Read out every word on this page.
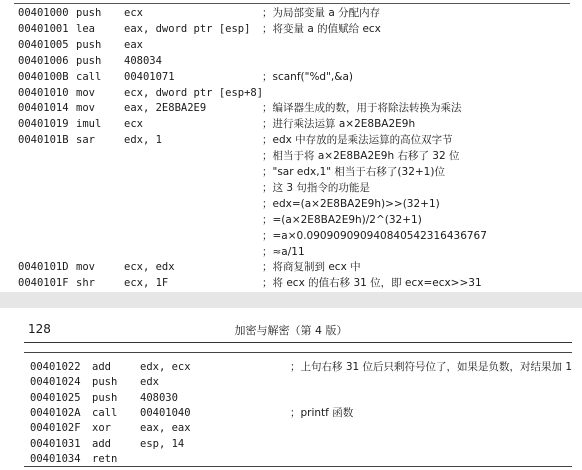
00401000 push ecx	；为局部变量 a 分配内存
00401001 lea	eax, dword ptr [esp] ；将变量 a 的值赋给 ecx
00401005 push eax
00401006 push 408034
0040100B call 00401071	；scanf("%d",&a)
00401010 mov	ecx, dword ptr [esp+8]
00401014 mov	eax, 2E8BA2E9	；编译器生成的数，用于将除法转换为乘法
00401019 imul ecx	；进行乘法运算 a×2E8BA2E9h
0040101B sar	edx, 1	；edx 中存放的是乘法运算的高位双字节
；相当于将 a×2E8BA2E9h 右移了 32 位
；"sar edx,1" 相当于右移了(32+1)位
；这 3 句指令的功能是
；edx=(a×2E8BA2E9h)>>(32+1)
；=(a×2E8BA2E9h)/2^(32+1)
；=a×0.09090909094084054231643676​7
；≈a/11
0040101D mov	ecx, edx	；将商复制到 ecx 中
0040101F shr	ecx, 1F	；将 ecx 的值右移 31 位，即 ecx=ecx>>31
128	加密与解密（第 4 版）
00401022 add	edx, ecx	；上句右移 31 位后只剩符号位了，如果是负数，对结果加 1
00401024 push edx
00401025 push 408030
0040102A call 00401040	；printf 函数
0040102F xor	eax, eax
00401031 add	esp, 14
00401034 retn
